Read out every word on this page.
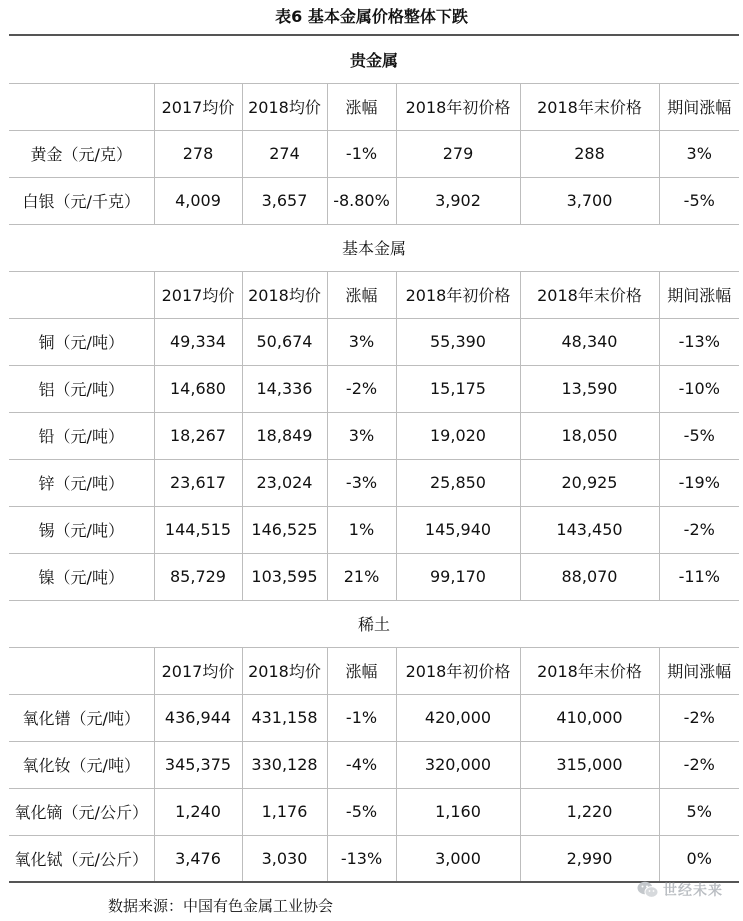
表6 基本金属价格整体下跌
贵金属						
	2017均价	2018均价	涨幅	2018年初价格	2018年末价格	期间涨幅
黄金（元/克）	278	274	-1%	279	288	3%
白银（元/千克）	4,009	3,657	-8.80%	3,902	3,700	-5%
基本金属						
	2017均价	2018均价	涨幅	2018年初价格	2018年末价格	期间涨幅
铜（元/吨）	49,334	50,674	3%	55,390	48,340	-13%
铝（元/吨）	14,680	14,336	-2%	15,175	13,590	-10%
铅（元/吨）	18,267	18,849	3%	19,020	18,050	-5%
锌（元/吨）	23,617	23,024	-3%	25,850	20,925	-19%
锡（元/吨）	144,515	146,525	1%	145,940	143,450	-2%
镍（元/吨）	85,729	103,595	21%	99,170	88,070	-11%
稀土						
	2017均价	2018均价	涨幅	2018年初价格	2018年末价格	期间涨幅
氧化镨（元/吨）	436,944	431,158	-1%	420,000	410,000	-2%
氧化钕（元/吨）	345,375	330,128	-4%	320,000	315,000	-2%
氧化镝（元/公斤）	1,240	1,176	-5%	1,160	1,220	5%
氧化铽（元/公斤）	3,476	3,030	-13%	3,000	2,990	0%
数据来源：中国有色金属工业协会
世经未来
